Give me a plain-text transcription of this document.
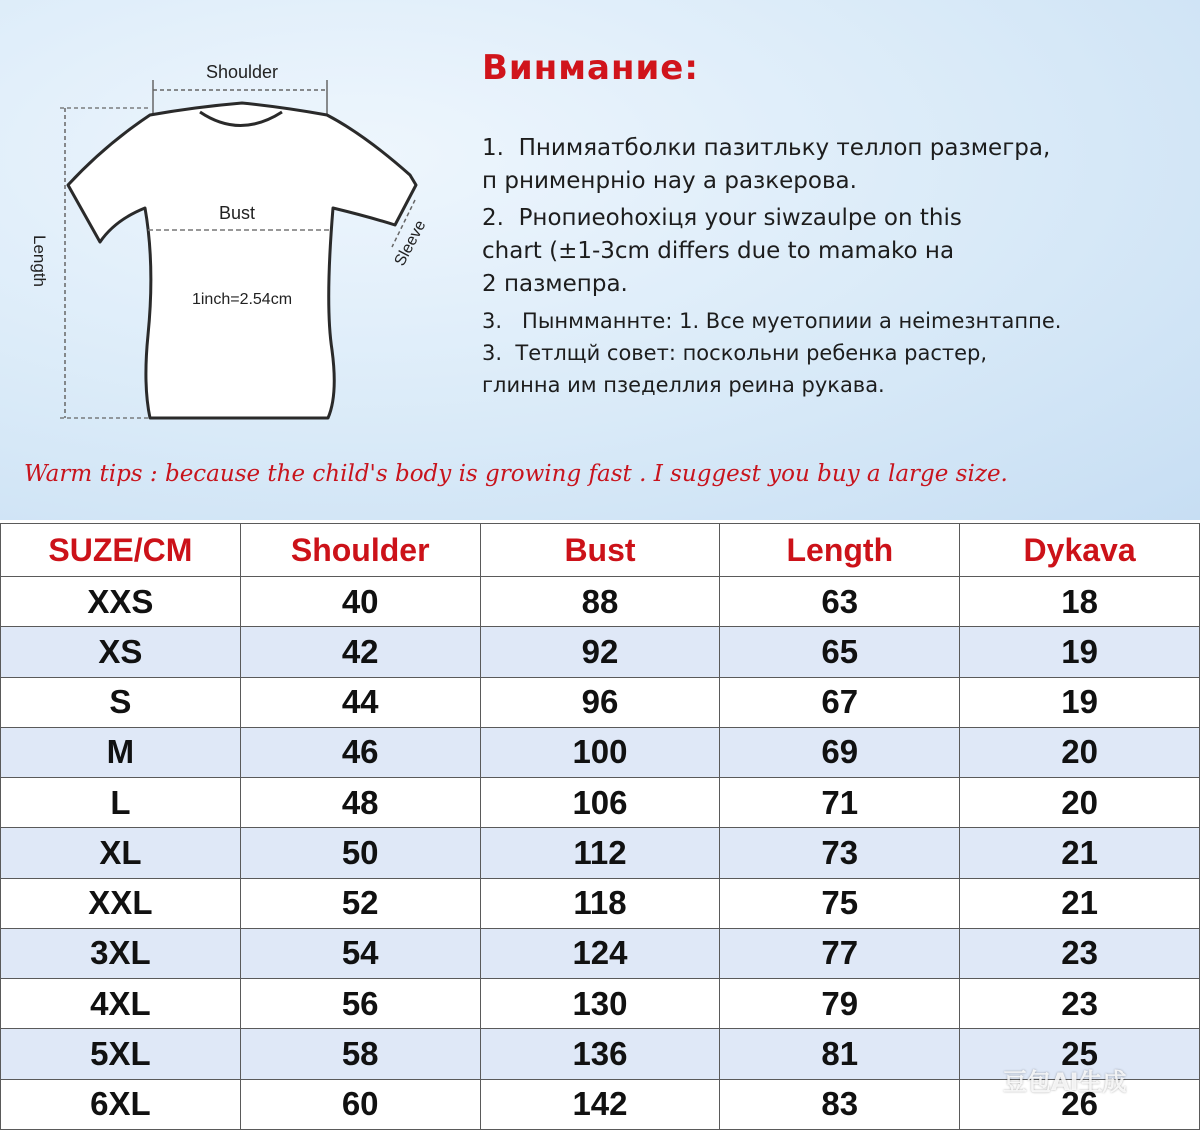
Shoulder
Length
Bust
1inch=2.54cm
Sleeve
Винмание:
1.  Пнимяатболки пазитльку теллоп размегра,
п рнименрнio нау а разкерова.
2.  Рнопиеohoxiця your siwzaulpe on this
chart (±1-3cm differs due to mamako нa
2 пазмепра.
3.   Пынмманнте: 1. Все муетопиии а неimезнтаппе.
3.  Тетлщй совет: поскольни ребенка растер,
глинна им пзеделлия реина рукава.
Warm tips : because the child's body is growing fast . I suggest you buy a large size.
SUZE/CM	Shoulder	Bust	Length	Dykava
XXS	40	88	63	18
XS	42	92	65	19
S	44	96	67	19
M	46	100	69	20
L	48	106	71	20
XL	50	112	73	21
XXL	52	118	75	21
3XL	54	124	77	23
4XL	56	130	79	23
5XL	58	136	81	25
6XL	60	142	83	26
豆包AI生成
